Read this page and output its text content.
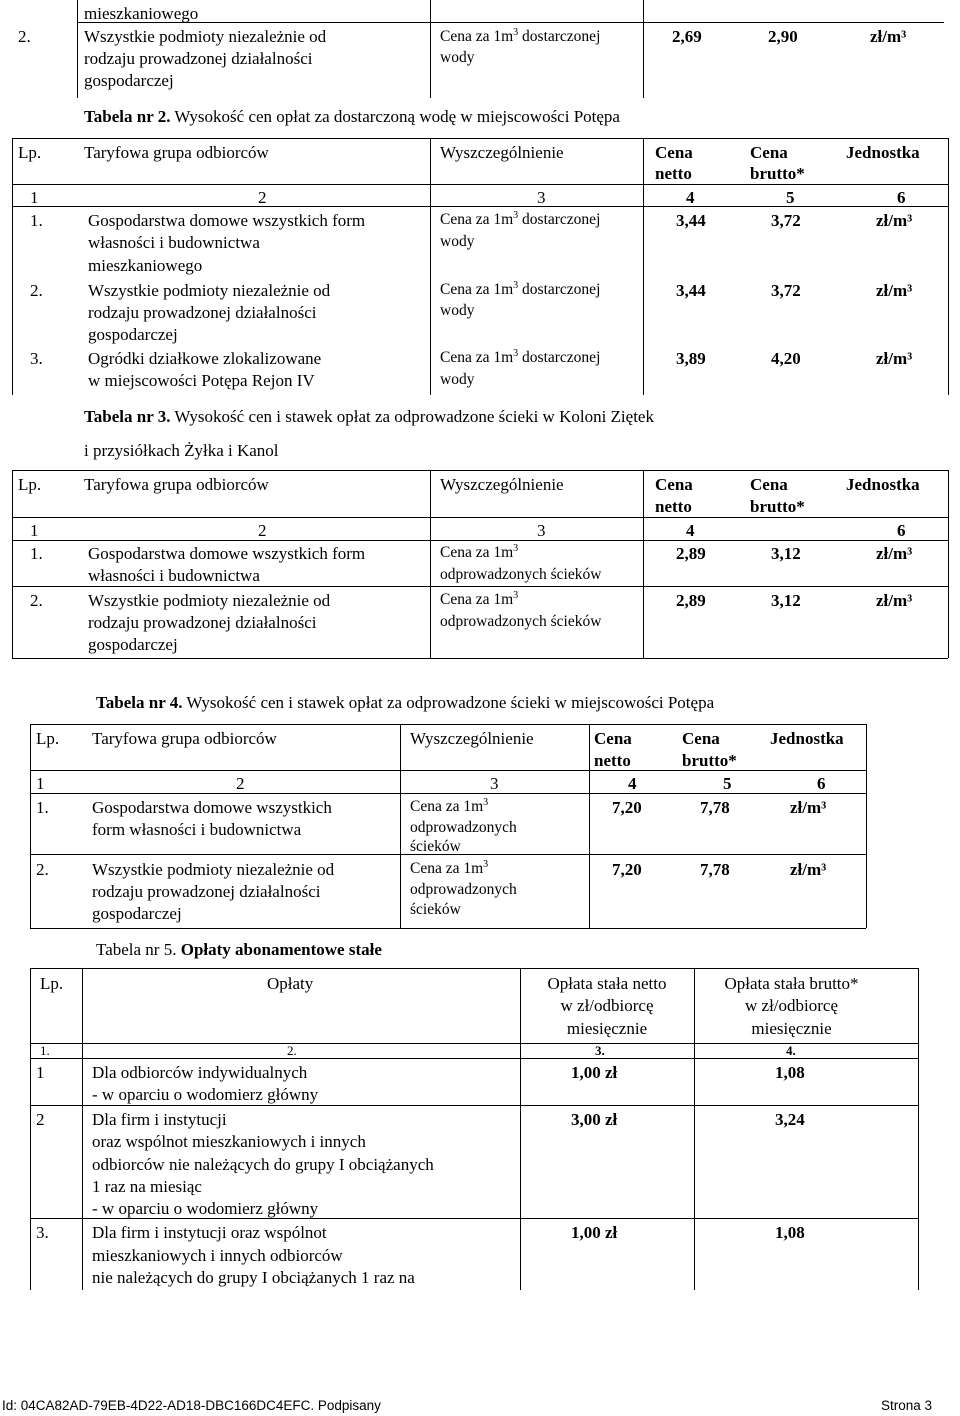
mieszkaniowego
2.	Wszystkie podmioty niezależnie od
rodzaju prowadzonej działalności
gospodarczej
Cena za $1m^3$ dostarczonej
wody
2,69	2,90	zł/m³
Tabela nr 2. Wysokość cen opłat za dostarczoną wodę w miejscowości Potępa
Lp.	Taryfowa grupa odbiorców	Wyszczególnienie	Cena
netto
Cena
brutto*
Jednostka
1	2	3	4	5	6
1.	Gospodarstwa domowe wszystkich form
własności i budownictwa
mieszkaniowego
Cena za $1m^3$ dostarczonej
wody
3,44	3,72	zł/m³
2.	Wszystkie podmioty niezależnie od
rodzaju prowadzonej działalności
gospodarczej
Cena za $1m^3$ dostarczonej
wody
3,44	3,72	zł/m³
3.	Ogródki działkowe zlokalizowane
w miejscowości Potępa Rejon IV
Cena za $1m^3$ dostarczonej
wody
3,89	4,20	zł/m³
Tabela nr 3. Wysokość cen i stawek opłat za odprowadzone ścieki w Koloni Ziętek
i przysiółkach Żyłka i Kanol
Lp.	Taryfowa grupa odbiorców	Wyszczególnienie	Cena
netto
Cena
brutto*
Jednostka
1	2	3	4	6
1.	Gospodarstwa domowe wszystkich form
własności i budownictwa
Cena za $1m^3$
odprowadzonych ścieków
2,89	3,12	zł/m³
2.	Wszystkie podmioty niezależnie od
rodzaju prowadzonej działalności
gospodarczej
Cena za $1m^3$
odprowadzonych ścieków
2,89	3,12	zł/m³
Tabela nr 4. Wysokość cen i stawek opłat za odprowadzone ścieki w miejscowości Potępa
Lp. Taryfowa grupa odbiorców	Wyszczególnienie	Cena
netto
Cena
brutto*
Jednostka
1	2	3	4	5	6
1.	Gospodarstwa domowe wszystkich
form własności i budownictwa
Cena za $1m^3$
odprowadzonych
ścieków
7,20	7,78	zł/m³
2.	Wszystkie podmioty niezależnie od
rodzaju prowadzonej działalności
gospodarczej
Cena za $1m^3$
odprowadzonych
ścieków
7,20	7,78	zł/m³
Tabela nr 5. Opłaty abonamentowe stałe
Lp.	Opłaty	Opłata stała netto
w zł/odbiorcę
miesięcznie
Opłata stała brutto*
w zł/odbiorcę
miesięcznie
1.	2.	3.	4.
1	Dla odbiorców indywidualnych
- w oparciu o wodomierz główny
1,00 zł	1,08
2	Dla firm i instytucji
oraz wspólnot mieszkaniowych i innych
odbiorców nie należących do grupy I obciążanych
1 raz na miesiąc
- w oparciu o wodomierz główny
3,00 zł	3,24
3.	Dla firm i instytucji oraz wspólnot
mieszkaniowych i innych odbiorców
nie należących do grupy I obciążanych 1 raz na
1,00 zł	1,08
Id: 04CA82AD-79EB-4D22-AD18-DBC166DC4EFC. Podpisany	Strona 3
